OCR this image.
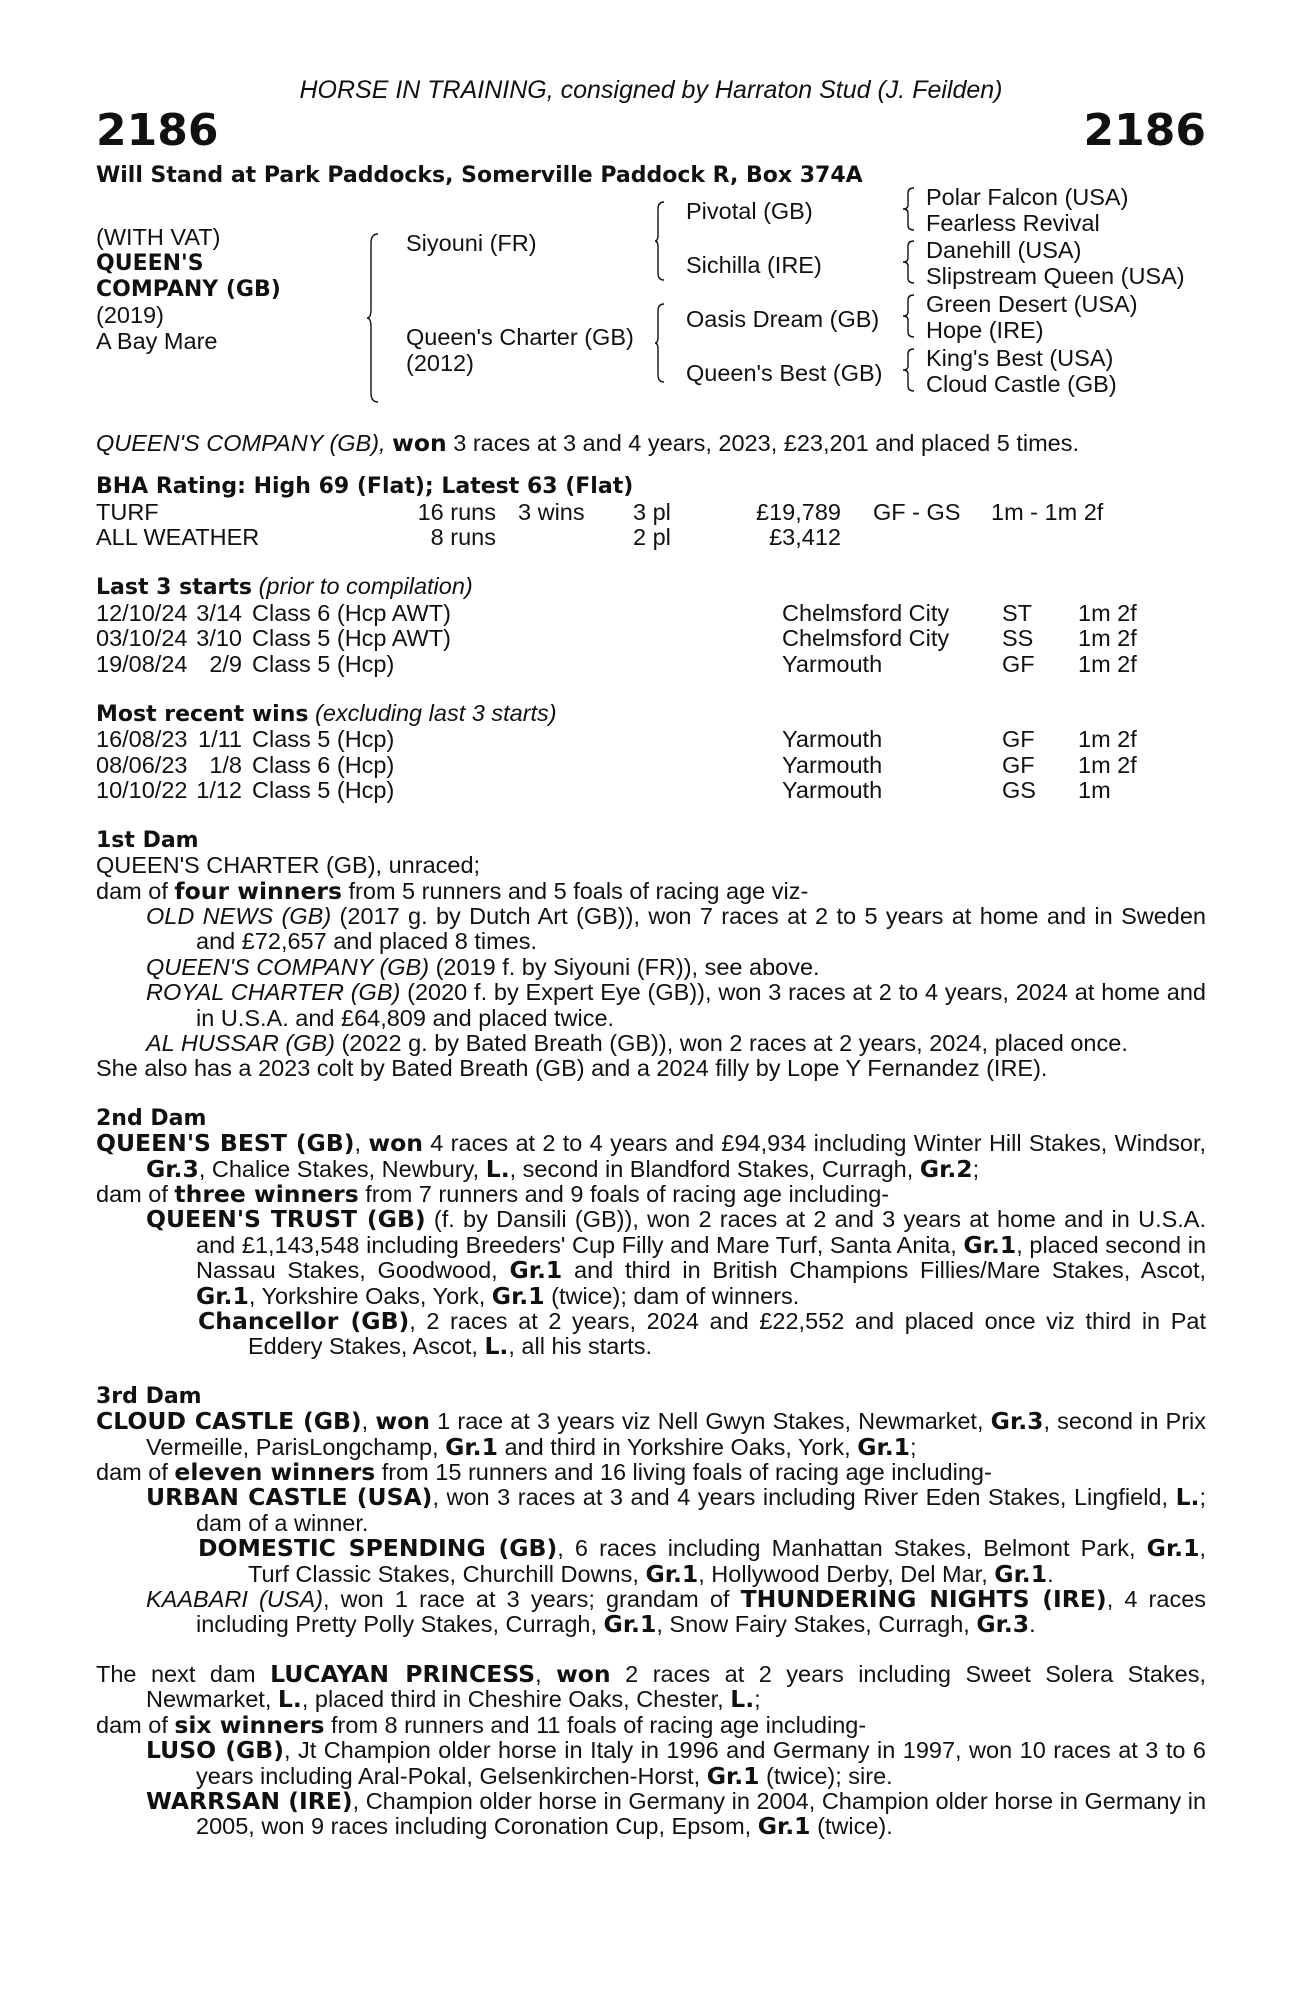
HORSE IN TRAINING, consigned by Harraton Stud (J. Feilden)
2186	2186
Will Stand at Park Paddocks, Somerville Paddock R, Box 374A
(WITH VAT)
QUEEN'S
COMPANY (GB)
(2019)
A Bay Mare
Siyouni (FR)
Queen's Charter (GB)
(2012)
Pivotal (GB)
Sichilla (IRE)
Oasis Dream (GB)
Queen's Best (GB)
Polar Falcon (USA)
Fearless Revival
Danehill (USA)
Slipstream Queen (USA)
Green Desert (USA)
Hope (IRE)
King's Best (USA)
Cloud Castle (GB)

QUEEN'S COMPANY (GB), won 3 races at 3 and 4 years, 2023, £23,201 and placed 5 times.

BHA Rating: High 69 (Flat); Latest 63 (Flat)
TURF	16 runs	3 wins	3 pl	£19,789	GF - GS	1m - 1m 2f
ALL WEATHER	8 runs		2 pl	£3,412		
Last 3 starts (prior to compilation)
12/10/24	3/14	Class 6 (Hcp AWT)	Chelmsford City	ST	1m 2f
03/10/24	3/10	Class 5 (Hcp AWT)	Chelmsford City	SS	1m 2f
19/08/24	2/9	Class 5 (Hcp)	Yarmouth	GF	1m 2f
Most recent wins (excluding last 3 starts)
16/08/23	1/11	Class 5 (Hcp)	Yarmouth	GF	1m 2f
08/06/23	1/8	Class 6 (Hcp)	Yarmouth	GF	1m 2f
10/10/22	1/12	Class 5 (Hcp)	Yarmouth	GS	1m
1st Dam

QUEEN'S CHARTER (GB), unraced;

dam of four winners from 5 runners and 5 foals of racing age viz-

OLD NEWS (GB) (2017 g. by Dutch Art (GB)), won 7 races at 2 to 5 years at home and in Sweden and £72,657 and placed 8 times.

QUEEN'S COMPANY (GB) (2019 f. by Siyouni (FR)), see above.

ROYAL CHARTER (GB) (2020 f. by Expert Eye (GB)), won 3 races at 2 to 4 years, 2024 at home and in U.S.A. and £64,809 and placed twice.

AL HUSSAR (GB) (2022 g. by Bated Breath (GB)), won 2 races at 2 years, 2024, placed once.

She also has a 2023 colt by Bated Breath (GB) and a 2024 filly by Lope Y Fernandez (IRE).

2nd Dam

QUEEN'S BEST (GB), won 4 races at 2 to 4 years and £94,934 including Winter Hill Stakes, Windsor, Gr.3, Chalice Stakes, Newbury, L., second in Blandford Stakes, Curragh, Gr.2;

dam of three winners from 7 runners and 9 foals of racing age including-

QUEEN'S TRUST (GB) (f. by Dansili (GB)), won 2 races at 2 and 3 years at home and in U.S.A. and £1,143,548 including Breeders' Cup Filly and Mare Turf, Santa Anita, Gr.1, placed second in Nassau Stakes, Goodwood, Gr.1 and third in British Champions Fillies/Mare Stakes, Ascot, Gr.1, Yorkshire Oaks, York, Gr.1 (twice); dam of winners.

Chancellor (GB), 2 races at 2 years, 2024 and £22,552 and placed once viz third in Pat Eddery Stakes, Ascot, L., all his starts.

3rd Dam

CLOUD CASTLE (GB), won 1 race at 3 years viz Nell Gwyn Stakes, Newmarket, Gr.3, second in Prix Vermeille, ParisLongchamp, Gr.1 and third in Yorkshire Oaks, York, Gr.1;

dam of eleven winners from 15 runners and 16 living foals of racing age including-

URBAN CASTLE (USA), won 3 races at 3 and 4 years including River Eden Stakes, Lingfield, L.; dam of a winner.

DOMESTIC SPENDING (GB), 6 races including Manhattan Stakes, Belmont Park, Gr.1, Turf Classic Stakes, Churchill Downs, Gr.1, Hollywood Derby, Del Mar, Gr.1.

KAABARI (USA), won 1 race at 3 years; grandam of THUNDERING NIGHTS (IRE), 4 races including Pretty Polly Stakes, Curragh, Gr.1, Snow Fairy Stakes, Curragh, Gr.3.

The next dam LUCAYAN PRINCESS, won 2 races at 2 years including Sweet Solera Stakes, Newmarket, L., placed third in Cheshire Oaks, Chester, L.;

dam of six winners from 8 runners and 11 foals of racing age including-

LUSO (GB), Jt Champion older horse in Italy in 1996 and Germany in 1997, won 10 races at 3 to 6 years including Aral-Pokal, Gelsenkirchen-Horst, Gr.1 (twice); sire.

WARRSAN (IRE), Champion older horse in Germany in 2004, Champion older horse in Germany in 2005, won 9 races including Coronation Cup, Epsom, Gr.1 (twice).
